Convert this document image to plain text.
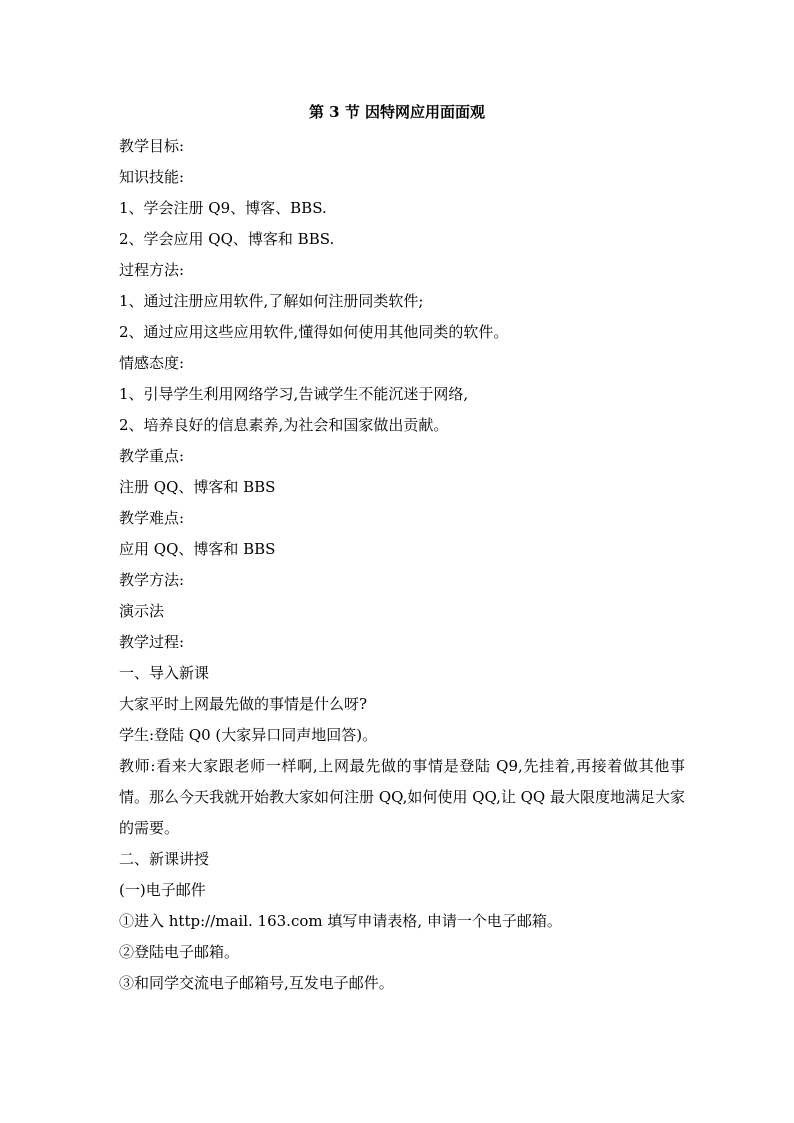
第 3 节 因特网应用面面观
教学目标:
知识技能:
1、学会注册 Q9、博客、BBS.
2、学会应用 QQ、博客和 BBS.
过程方法:
1、通过注册应用软件,了解如何注册同类软件;
2、通过应用这些应用软件,懂得如何使用其他同类的软件。
情感态度:
1、引导学生利用网络学习,告诫学生不能沉迷于网络,
2、培养良好的信息素养,为社会和国家做出贡献。
教学重点:
注册 QQ、博客和 BBS
教学难点:
应用 QQ、博客和 BBS
教学方法:
演示法
教学过程:
一、导入新课
大家平时上网最先做的事情是什么呀?
学生:登陆 Q0 (大家异口同声地回答)。
教师:看来大家跟老师一样啊,上网最先做的事情是登陆 Q9,先挂着,再接着做其他事情。那么今天我就开始教大家如何注册 QQ,如何使用 QQ,让 QQ 最大限度地满足大家的需要。
二、新课讲授
(一)电子邮件
①进入 http://mail. 163.com 填写申请表格, 申请一个电子邮箱。
②登陆电子邮箱。
③和同学交流电子邮箱号,互发电子邮件。
